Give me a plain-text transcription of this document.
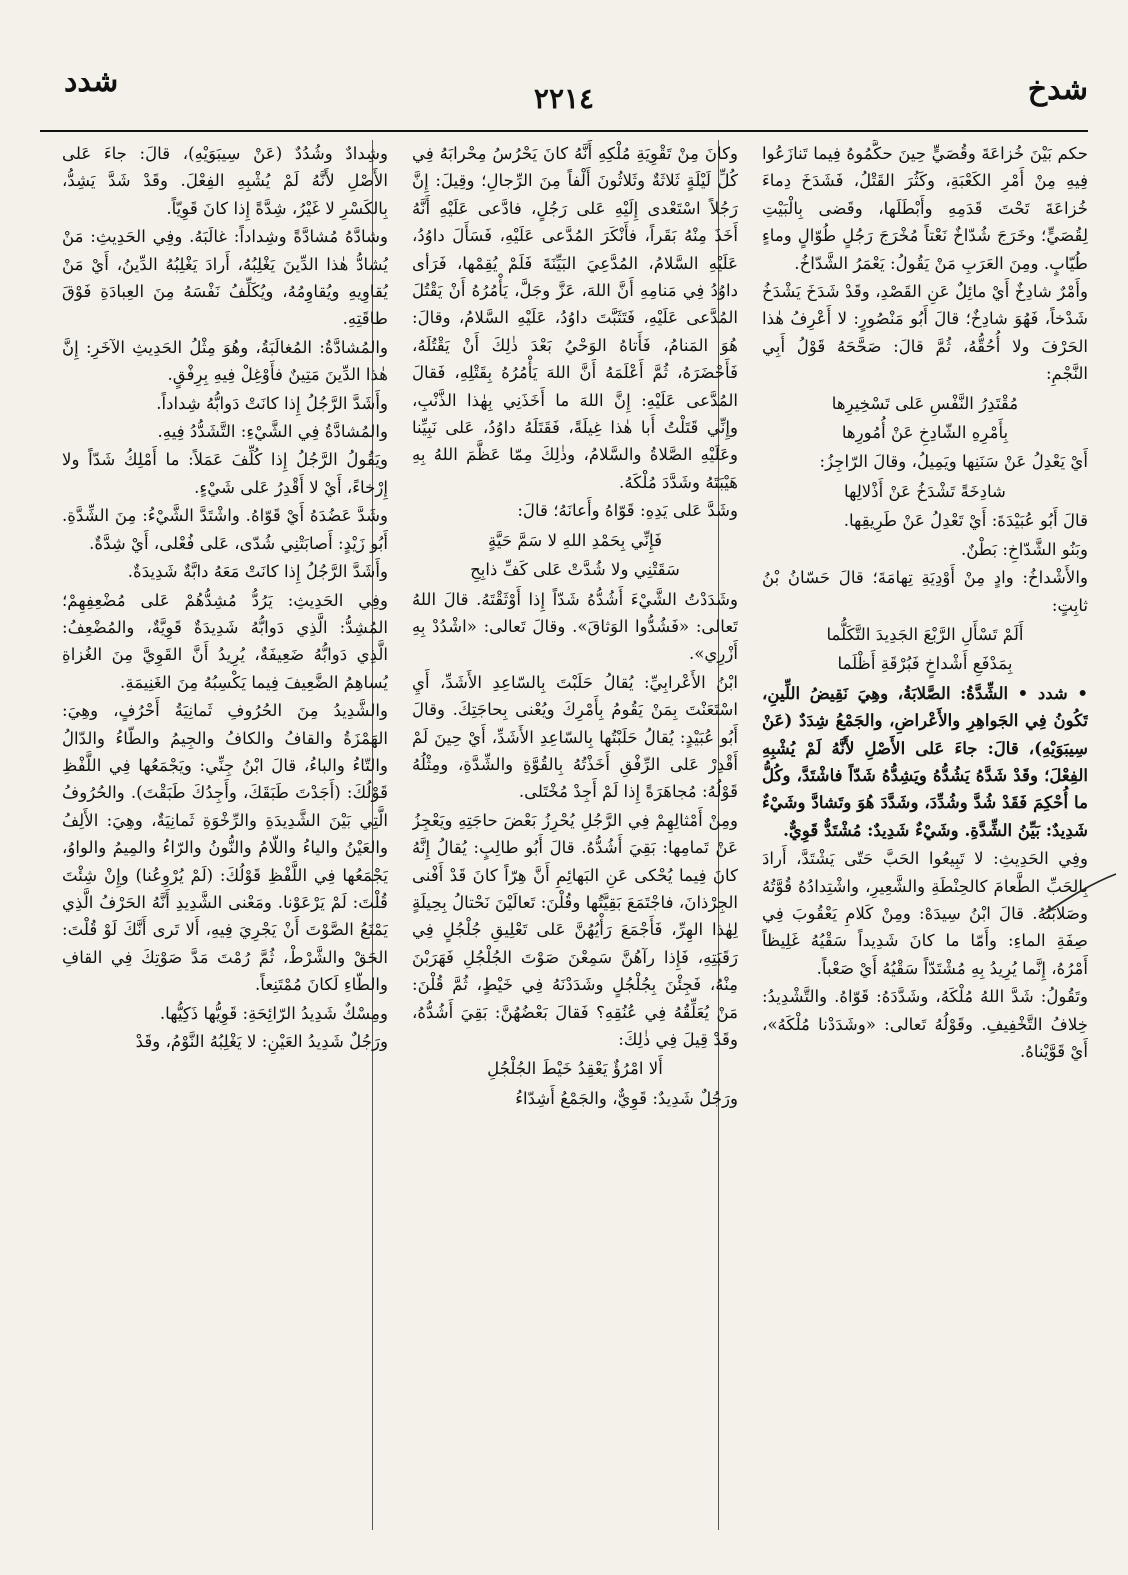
شدخ
٢٢١٤
شدد

حكم بَيْنَ خُزاعَةَ وقُصَيٍّ حِينَ حكَّمُوهُ فِيما تَنازَعُوا فِيهِ مِنْ أَمْرِ الكَعْبَةِ، وكَثُرَ القَتْلُ، فَشَدَخَ دِماءَ خُزاعَةَ تَحْتَ قَدَمِهِ وأَبْطَلَها، وقَضى بِالْبَيْتِ لِقُصَيٍّ؛ وخَرَجَ شُدّاخٌ نَعْتاً مُخْرَجَ رَجُلٍ طُوّالٍ وماءٍ طُيّابٍ. ومِنَ العَرَبِ مَنْ يَقُولُ: يَعْمَرُ الشَّدّاخُ.

وأَمْرٌ شادِخٌ أَيْ مائِلٌ عَنِ القَصْدِ، وقَدْ شَدَخَ يَشْدَخُ شَدْخاً، فَهُوَ شادِخٌ؛ قالَ أَبُو مَنْصُورٍ: لا أَعْرِفُ هٰذا الحَرْفَ ولا أُحُقُّهُ، ثُمَّ قالَ: صَحَّحَهُ قَوْلُ أَبِي النَّجْمِ:

مُقْتَدِرُ النَّفْسِ عَلى تَسْخِيرِها

بِأَمْرِهِ الشّادِخِ عَنْ أُمُورِها

أَيْ يَعْدِلُ عَنْ سَنَنِها ويَمِيلُ، وقالَ الرّاجِزُ:

شادِخَةً تَشْدَخُ عَنْ أَذْلالِها

قالَ أَبُو عُبَيْدَةَ: أَيْ تَعْدِلُ عَنْ طَرِيقِها.

وبَنُو الشَّدّاخِ: بَطْنٌ.

والأَشْداخُ: وادٍ مِنْ أَوْدِيَةِ تِهامَةَ؛ قالَ حَسّانُ بْنُ ثابِتٍ:

أَلَمْ تَسْأَلِ الرَّبْعَ الجَدِيدَ التَّكَلُّما

بِمَدْفَعِ أَشْداخٍ فَبُرْقَةِ أَظْلَما

• شدد • الشِّدَّةُ: الصَّلابَةُ، وهِيَ نَقِيضُ اللِّينِ، تَكُونُ فِي الجَواهِرِ والأَعْراضِ، والجَمْعُ شِدَدٌ (عَنْ سِيبَوَيْهِ)، قالَ: جاءَ عَلى الأَصْلِ لأَنَّهُ لَمْ يُشْبِهِ الفِعْلَ؛ وقَدْ شَدَّهُ يَشُدُّهُ ويَشِدُّهُ شَدّاً فاشْتَدَّ، وكُلُّ ما أُحْكِمَ فَقَدْ شُدَّ وشُدِّدَ، وشَدَّدَ هُوَ وتَشادَّ وشَيْءٌ شَدِيدٌ: بَيِّنُ الشِّدَّةِ. وشَيْءٌ شَدِيدٌ: مُشْتَدٌّ قَوِيٌّ.

وفِي الحَدِيثِ: لا تَبِيعُوا الحَبَّ حَتّى يَشْتَدَّ، أَرادَ بِالحَبِّ الطَّعامَ كالحِنْطَةِ والشَّعِيرِ، واشْتِدادُهُ قُوَّتُهُ وصَلابَتُهُ. قالَ ابْنُ سِيدَهْ: ومِنْ كَلامِ يَعْقُوبَ فِي صِفَةِ الماءِ: وأَمّا ما كانَ شَدِيداً سَقْيُهُ غَلِيظاً أَمْرُهُ، إِنَّما يُرِيدُ بِهِ مُشْتَدّاً سَقْيُهُ أَيْ صَعْباً.

وتَقُولُ: شَدَّ اللهُ مُلْكَهُ، وشَدَّدَهُ: قَوّاهُ. والتَّشْدِيدُ: خِلافُ التَّخْفِيفِ. وقَوْلُهُ تَعالى: «وشَدَدْنا مُلْكَهُ»، أَيْ قَوَّيْناهُ.

وكانَ مِنْ تَقْوِيَةِ مُلْكِهِ أَنَّهُ كانَ يَحْرُسُ مِحْرابَهُ فِي كُلِّ لَيْلَةٍ ثَلاثَةٌ وثَلاثُونَ أَلْفاً مِنَ الرِّجالِ؛ وقِيلَ: إِنَّ رَجُلاً اسْتَعْدى إِلَيْهِ عَلى رَجُلٍ، فادَّعى عَلَيْهِ أَنَّهُ أَخَذَ مِنْهُ بَقَراً، فأَنْكَرَ المُدَّعى عَلَيْهِ، فَسَأَلَ داوُدُ، عَلَيْهِ السَّلامُ، المُدَّعِيَ البَيِّنَةَ فَلَمْ يُقِمْها، فَرَأى داوُدُ فِي مَنامِهِ أَنَّ اللهَ، عَزَّ وجَلَّ، يَأْمُرُهُ أَنْ يَقْتُلَ المُدَّعى عَلَيْهِ، فَتَثَبَّتَ داوُدُ، عَلَيْهِ السَّلامُ، وقالَ: هُوَ المَنامُ، فَأَتاهُ الوَحْيُ بَعْدَ ذٰلِكَ أَنْ يَقْتُلَهُ، فَأَحْضَرَهُ، ثُمَّ أَعْلَمَهُ أَنَّ اللهَ يَأْمُرُهُ بِقَتْلِهِ، فَقالَ المُدَّعى عَلَيْهِ: إِنَّ اللهَ ما أَخَذَنِي بِهٰذا الذَّنْبِ، وإِنِّي قَتَلْتُ أَبا هٰذا غِيلَةً، فَقَتَلَهُ داوُدُ، عَلى نَبِيِّنا وعَلَيْهِ الصَّلاةُ والسَّلامُ، وذٰلِكَ مِمّا عَظَّمَ اللهُ بِهِ هَيْبَتَهُ وشَدَّدَ مُلْكَهُ.

وشَدَّ عَلى يَدِهِ: قَوّاهُ وأَعانَهُ؛ قالَ:

فَإِنِّي بِحَمْدِ اللهِ لا سَمَّ حَيَّةٍ

سَقَتْنِي ولا شُدَّتْ عَلى كَفِّ ذابِحِ

وشَدَدْتُ الشَّيْءَ أَشُدُّهُ شَدّاً إِذا أَوْثَقْتَهُ. قالَ اللهُ تَعالى: «فَشُدُّوا الوَثاقَ». وقالَ تَعالى: «اشْدُدْ بِهِ أَزْرِي».

ابْنُ الأَعْرابِيِّ: يُقالُ حَلَبْتَ بِالسّاعِدِ الأَشَدِّ، أَيِ اسْتَعَنْتَ بِمَنْ يَقُومُ بِأَمْرِكَ ويُعْنى بِحاجَتِكَ. وقالَ أَبُو عُبَيْدٍ: يُقالُ حَلَبْتُها بِالسّاعِدِ الأَشَدِّ، أَيْ حِينَ لَمْ أَقْدِرْ عَلى الرِّفْقِ أَخَذْتُهُ بِالقُوَّةِ والشِّدَّةِ، ومِثْلُهُ قَوْلُهُ: مُجاهَرَةً إِذا لَمْ أَجِدْ مُخْتَلى.

ومِنْ أَمْثالِهِمْ فِي الرَّجُلِ يُحْرِزُ بَعْضَ حاجَتِهِ ويَعْجِزُ عَنْ تَمامِها: بَقِيَ أَشُدُّهُ. قالَ أَبُو طالِبٍ: يُقالُ إِنَّهُ كانَ فِيما يُحْكى عَنِ البَهائِمِ أَنَّ هِرّاً كانَ قَدْ أَفْنى الجِرْذانَ، فاجْتَمَعَ بَقِيَّتُها وقُلْنَ: تَعالَيْنَ نَحْتالُ بِحِيلَةٍ لِهٰذا الهِرِّ، فَأَجْمَعَ رَأْيُهُنَّ عَلى تَعْلِيقِ جُلْجُلٍ فِي رَقَبَتِهِ، فَإِذا رآهُنَّ سَمِعْنَ صَوْتَ الجُلْجُلِ فَهَرَبْنَ مِنْهُ، فَجِئْنَ بِجُلْجُلٍ وشَدَدْنَهُ فِي خَيْطٍ، ثُمَّ قُلْنَ: مَنْ يُعَلِّقُهُ فِي عُنُقِهِ؟ فَقالَ بَعْضُهُنَّ: بَقِيَ أَشُدُّهُ، وقَدْ قِيلَ فِي ذٰلِكَ:

أَلا امْرُؤٌ يَعْقِدُ خَيْطَ الجُلْجُلِ

ورَجُلٌ شَدِيدٌ: قَوِيٌّ، والجَمْعُ أَشِدّاءُ

وشِدادٌ وشُدُدٌ (عَنْ سِيبَوَيْهِ)، قالَ: جاءَ عَلى الأَصْلِ لأَنَّهُ لَمْ يُشْبِهِ الفِعْلَ. وقَدْ شَدَّ يَشِدُّ، بِالكَسْرِ لا غَيْرُ، شِدَّةً إِذا كانَ قَوِيّاً.

وشادَّهُ مُشادَّةً وشِداداً: غالَبَهُ. وفِي الحَدِيثِ: مَنْ يُشادُّ هٰذا الدِّينَ يَغْلِبُهُ، أَرادَ يَغْلِبُهُ الدِّينُ، أَيْ مَنْ يُقاوِيهِ ويُقاوِمُهُ، ويُكَلِّفُ نَفْسَهُ مِنَ العِبادَةِ فَوْقَ طاقَتِهِ.

والمُشادَّةُ: المُغالَبَةُ، وهُوَ مِثْلُ الحَدِيثِ الآخَرِ: إِنَّ هٰذا الدِّينَ مَتِينٌ فأَوْغِلْ فِيهِ بِرِفْقٍ.

وأَشَدَّ الرَّجُلُ إِذا كانَتْ دَوابُّهُ شِداداً.

والمُشادَّةُ فِي الشَّيْءِ: التَّشَدُّدُ فِيهِ.

ويَقُولُ الرَّجُلُ إِذا كُلِّفَ عَمَلاً: ما أَمْلِكُ شَدّاً ولا إِرْخاءً، أَيْ لا أَقْدِرُ عَلى شَيْءٍ.

وشَدَّ عَضُدَهُ أَيْ قَوّاهُ. واشْتَدَّ الشَّيْءُ: مِنَ الشِّدَّةِ. أَبُو زَيْدٍ: أَصابَتْنِي شُدّى، عَلى فُعْلى، أَيْ شِدَّةٌ.

وأَشَدَّ الرَّجُلُ إِذا كانَتْ مَعَهُ دابَّةٌ شَدِيدَةٌ.

وفِي الحَدِيثِ: يَرُدُّ مُشِدُّهُمْ عَلى مُضْعِفِهِمْ؛ المُشِدُّ: الَّذِي دَوابُّهُ شَدِيدَةٌ قَوِيَّةٌ، والمُضْعِفُ: الَّذِي دَوابُّهُ ضَعِيفَةٌ، يُرِيدُ أَنَّ القَوِيَّ مِنَ الغُزاةِ يُساهِمُ الضَّعِيفَ فِيما يَكْسِبُهُ مِنَ الغَنِيمَةِ.

والشَّدِيدُ مِنَ الحُرُوفِ ثَمانِيَةُ أَحْرُفٍ، وهِيَ: الهَمْزَةُ والقافُ والكافُ والجِيمُ والطّاءُ والدّالُ والتّاءُ والباءُ، قالَ ابْنُ جِنِّي: ويَجْمَعُها فِي اللَّفْظِ قَوْلُكَ: (أَجَدْتَ طَبَقَكَ، وأَجِدُكَ طَبَقْتَ). والحُرُوفُ الَّتِي بَيْنَ الشَّدِيدَةِ والرِّخْوَةِ ثَمانِيَةٌ، وهِيَ: الأَلِفُ والعَيْنُ والياءُ واللّامُ والنُّونُ والرّاءُ والمِيمُ والواوُ، يَجْمَعُها فِي اللَّفْظِ قَوْلُكَ: (لَمْ يُرْوِعُنا) وإِنْ شِئْتَ قُلْتَ: لَمْ يَرْعَوْنا. ومَعْنى الشَّدِيدِ أَنَّهُ الحَرْفُ الَّذِي يَمْنَعُ الصَّوْتَ أَنْ يَجْرِيَ فِيهِ، أَلا تَرى أَنَّكَ لَوْ قُلْتَ: الحَقْ والشَّرْطْ، ثُمَّ رُمْتَ مَدَّ صَوْتِكَ فِي القافِ والطّاءِ لَكانَ مُمْتَنِعاً.

ومِسْكٌ شَدِيدُ الرّائِحَةِ: قَوِيُّها ذَكِيُّها.

ورَجُلٌ شَدِيدُ العَيْنِ: لا يَغْلِبُهُ النَّوْمُ، وقَدْ
